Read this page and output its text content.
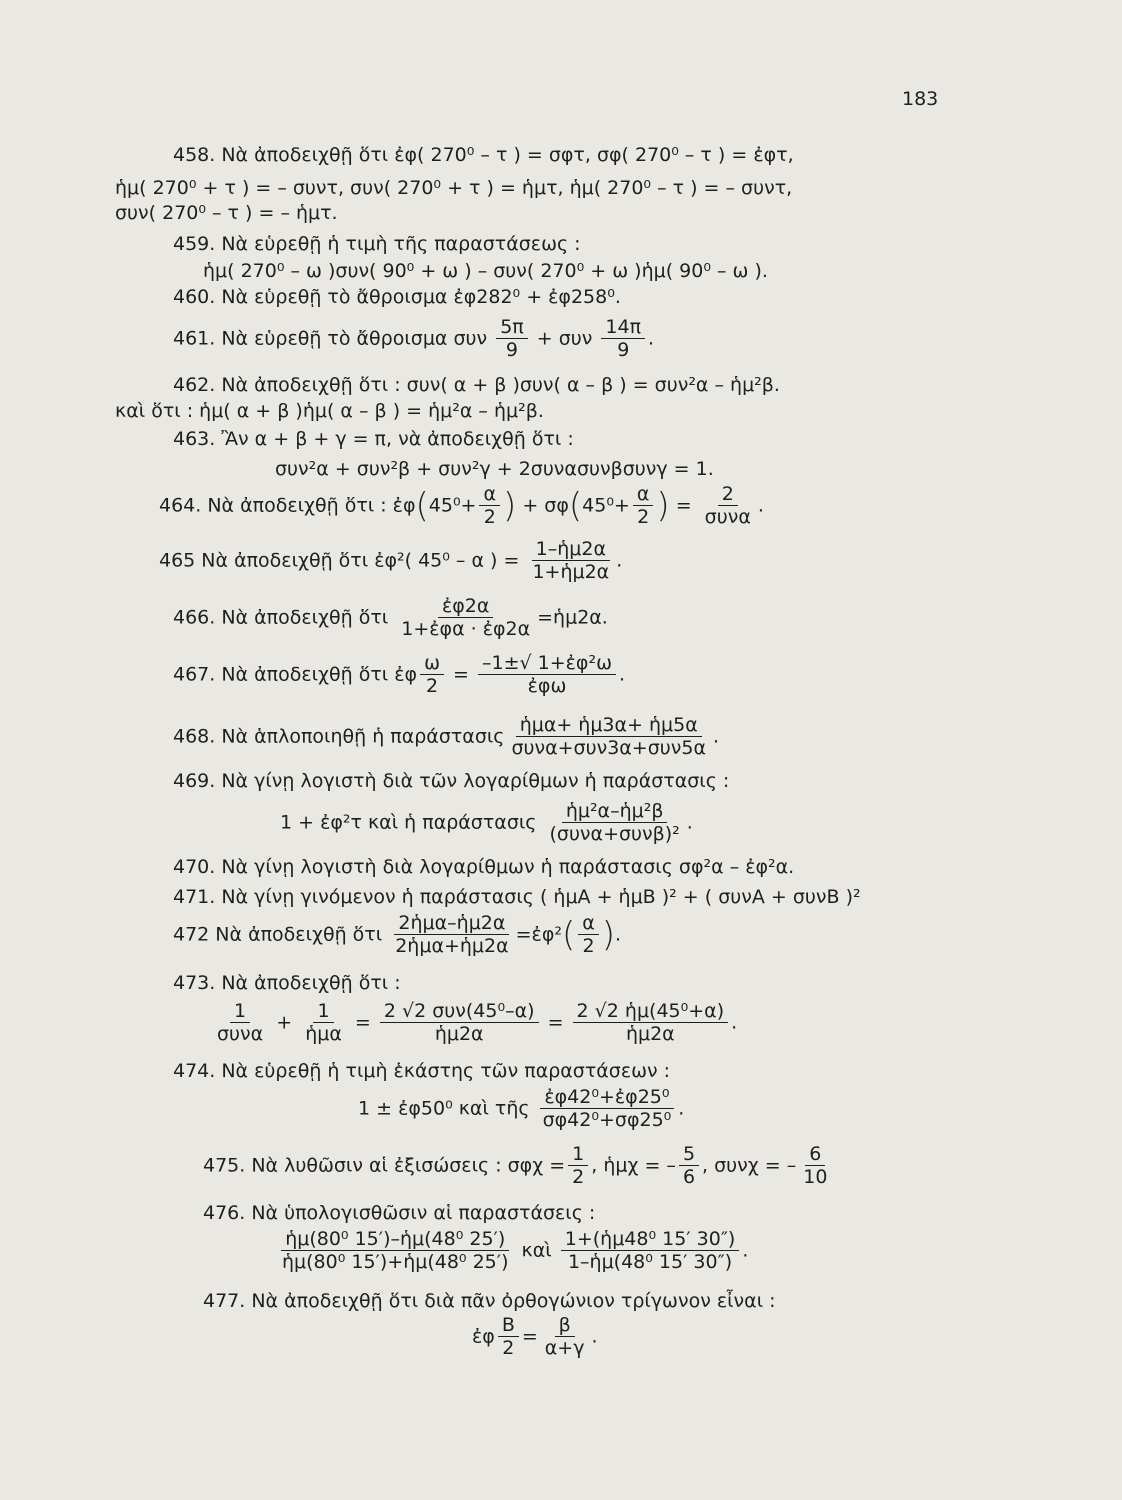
183
458. Νὰ ἀποδειχθῇ ὅτι ἐφ( 270⁰ – τ ) = σφτ, σφ( 270⁰ – τ ) = ἐφτ,
ἡμ( 270⁰ + τ ) = – συντ, συν( 270⁰ + τ ) = ἡμτ, ἡμ( 270⁰ – τ ) = – συντ,
συν( 270⁰ – τ ) = – ἡμτ.
459. Νὰ εὑρεθῇ ἡ τιμὴ τῆς παραστάσεως :
ἡμ( 270⁰ – ω )συν( 90⁰ + ω ) – συν( 270⁰ + ω )ἡμ( 90⁰ – ω ).
460. Νὰ εὑρεθῇ τὸ ἄθροισμα ἐφ282⁰ + ἐφ258⁰.
461. Νὰ εὑρεθῇ τὸ ἄθροισμα συν $\frac{5\pi}{9} + \sigma\upsilon\nu \frac{14\pi}{9}$ .
462. Νὰ ἀποδειχθῇ ὅτι : συν( α + β )συν( α – β ) = συν²α – ἡμ²β.
καὶ ὅτι : ἡμ( α + β )ἡμ( α – β ) = ἡμ²α – ἡμ²β.
463. Ἂν α + β + γ = π, νὰ ἀποδειχθῇ ὅτι :
συν²α + συν²β + συν²γ + 2συνασυνβσυνγ = 1.
464. Νὰ ἀποδειχθῇ ὅτι : ἐφ(45⁰+ $\frac{\alpha}{2}$ ) + $\sigma\varphi(45^0+ \frac{\alpha}{2}$ ) = $\frac{2}{\text{συνα}}$ .
465 Νὰ ἀποδειχθῇ ὅτι ἐφ²( 45⁰ – α ) = $\frac{\text{1–ἡμ2α}}{\text{1+ἡμ2α}}$ .
466. Νὰ ἀποδειχθῇ ὅτι $\frac{\text{ἐφ2α}}{\text{1+ἐφα · ἐφ2α}}$ =ἡμ2α.
467. Νὰ ἀποδειχθῇ ὅτι ἐφ $\frac{\omega}{2} = \frac{\text{–1±√ 1+ἐφ²ω}}{\text{ἐφω}}$ .
468. Νὰ ἁπλοποιηθῇ ἡ παράστασις $\frac{\text{ἡμα+ ἡμ3α+ ἡμ5α}}{\text{συνα+συν3α+συν5α}}$ .
469. Νὰ γίνῃ λογιστὴ διὰ τῶν λογαρίθμων ἡ παράστασις :
1 + ἐφ²τ καὶ ἡ παράστασις $\frac{\text{ἡμ²α–ἡμ²β}}{\text{(συνα+συνβ)²}}$ .
470. Νὰ γίνῃ λογιστὴ διὰ λογαρίθμων ἡ παράστασις σφ²α – ἐφ²α.
471. Νὰ γίνῃ γινόμενον ἡ παράστασις ( ἡμΑ + ἡμΒ )² + ( συνΑ + συνΒ )²
472 Νὰ ἀποδειχθῇ ὅτι $\frac{\text{2ἡμα–ἡμ2α}}{\text{2ἡμα+ἡμ2α}}$ =ἐφ²( $\frac{\alpha}{2}$ ).
473. Νὰ ἀποδειχθῇ ὅτι :
$\frac{1}{\text{συνα}} + \frac{1}{\text{ἡμα}} = \frac{\text{2 √2 συν(45⁰–α)}}{\text{ἡμ2α}} = \frac{\text{2 √2 ἡμ(45⁰+α)}}{\text{ἡμ2α}}$ .
474. Νὰ εὑρεθῇ ἡ τιμὴ ἑκάστης τῶν παραστάσεων :
1 ± ἐφ50⁰ καὶ τῆς $\frac{\text{ἐφ42⁰+ἐφ25⁰}}{\text{σφ42⁰+σφ25⁰}}$ .
475. Νὰ λυθῶσιν αἱ ἐξισώσεις : $\sigma\varphi\chi = \frac{1}{2}$ , ἡμχ = – $\frac{5}{6}$ , συνχ = – $\frac{6}{10}$
476. Νὰ ὑπολογισθῶσιν αἱ παραστάσεις :
$\frac{\text{ἡμ(80⁰ 15′)–ἡμ(48⁰ 25′)}}{\text{ἡμ(80⁰ 15′)+ἡμ(48⁰ 25′)}}$ καὶ $\frac{\text{1+(ἡμ48⁰ 15′ 30″)}}{\text{1–ἡμ(48⁰ 15′ 30″)}}$ .
477. Νὰ ἀποδειχθῇ ὅτι διὰ πᾶν ὀρθογώνιον τρίγωνον εἶναι :
ἐφ $\frac{B}{2} = \frac{\beta}{\alpha+\gamma}$ .
